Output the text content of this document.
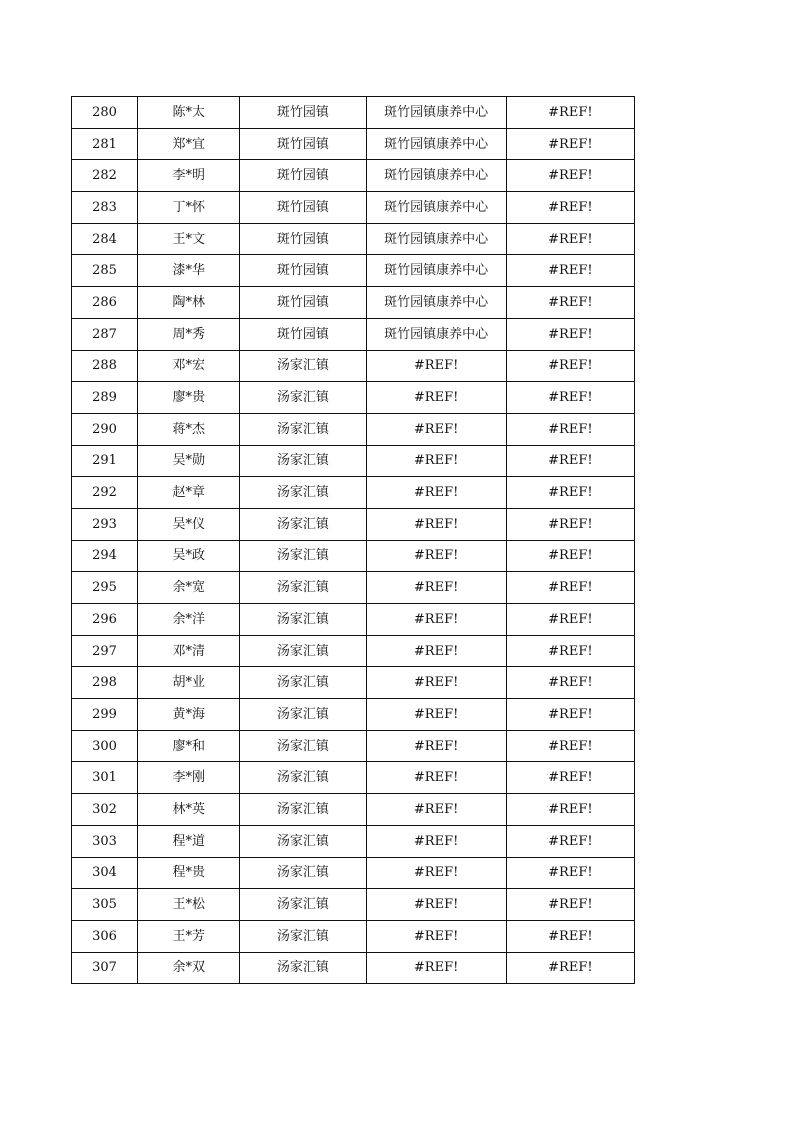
280	陈*太	斑竹园镇	斑竹园镇康养中心	#REF!
281	郑*宜	斑竹园镇	斑竹园镇康养中心	#REF!
282	李*明	斑竹园镇	斑竹园镇康养中心	#REF!
283	丁*怀	斑竹园镇	斑竹园镇康养中心	#REF!
284	王*文	斑竹园镇	斑竹园镇康养中心	#REF!
285	漆*华	斑竹园镇	斑竹园镇康养中心	#REF!
286	陶*林	斑竹园镇	斑竹园镇康养中心	#REF!
287	周*秀	斑竹园镇	斑竹园镇康养中心	#REF!
288	邓*宏	汤家汇镇	#REF!	#REF!
289	廖*贵	汤家汇镇	#REF!	#REF!
290	蒋*杰	汤家汇镇	#REF!	#REF!
291	吴*勋	汤家汇镇	#REF!	#REF!
292	赵*章	汤家汇镇	#REF!	#REF!
293	吴*仪	汤家汇镇	#REF!	#REF!
294	吴*政	汤家汇镇	#REF!	#REF!
295	余*宽	汤家汇镇	#REF!	#REF!
296	余*洋	汤家汇镇	#REF!	#REF!
297	邓*清	汤家汇镇	#REF!	#REF!
298	胡*业	汤家汇镇	#REF!	#REF!
299	黄*海	汤家汇镇	#REF!	#REF!
300	廖*和	汤家汇镇	#REF!	#REF!
301	李*刚	汤家汇镇	#REF!	#REF!
302	林*英	汤家汇镇	#REF!	#REF!
303	程*道	汤家汇镇	#REF!	#REF!
304	程*贵	汤家汇镇	#REF!	#REF!
305	王*松	汤家汇镇	#REF!	#REF!
306	王*芳	汤家汇镇	#REF!	#REF!
307	余*双	汤家汇镇	#REF!	#REF!
